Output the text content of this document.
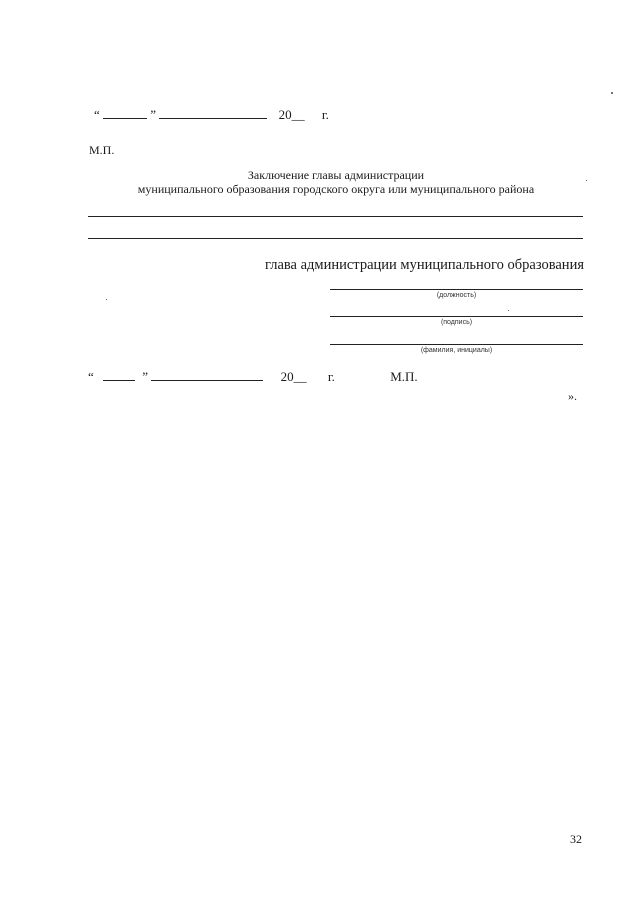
“	”	20__ г.
М.П.
Заключение главы администрации
муниципального образования городского округа или муниципального района
глава администрации муниципального образования
(должность)
(подпись)
(фамилия, инициалы)
“	”	20__ г.	М.П.
».
32
